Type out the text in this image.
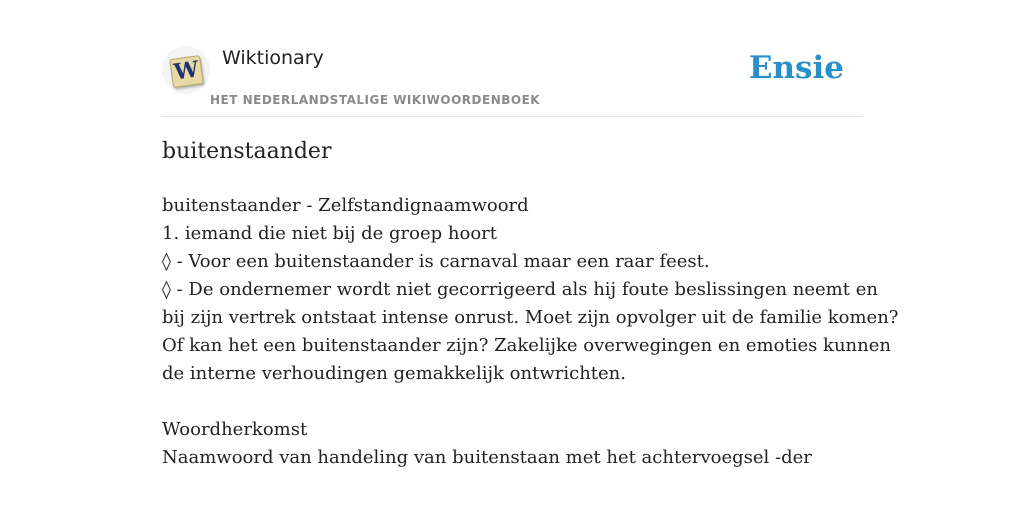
W Wiktionary
HET NEDERLANDSTALIGE WIKIWOORDENBOEK
Ensie
buitenstaander
buitenstaander - Zelfstandignaamwoord
1. iemand die niet bij de groep hoort
◊ - Voor een buitenstaander is carnaval maar een raar feest.
◊ - De ondernemer wordt niet gecorrigeerd als hij foute beslissingen neemt en
bij zijn vertrek ontstaat intense onrust. Moet zijn opvolger uit de familie komen?
Of kan het een buitenstaander zijn? Zakelijke overwegingen en emoties kunnen
de interne verhoudingen gemakkelijk ontwrichten.
Woordherkomst
Naamwoord van handeling van buitenstaan met het achtervoegsel -der
